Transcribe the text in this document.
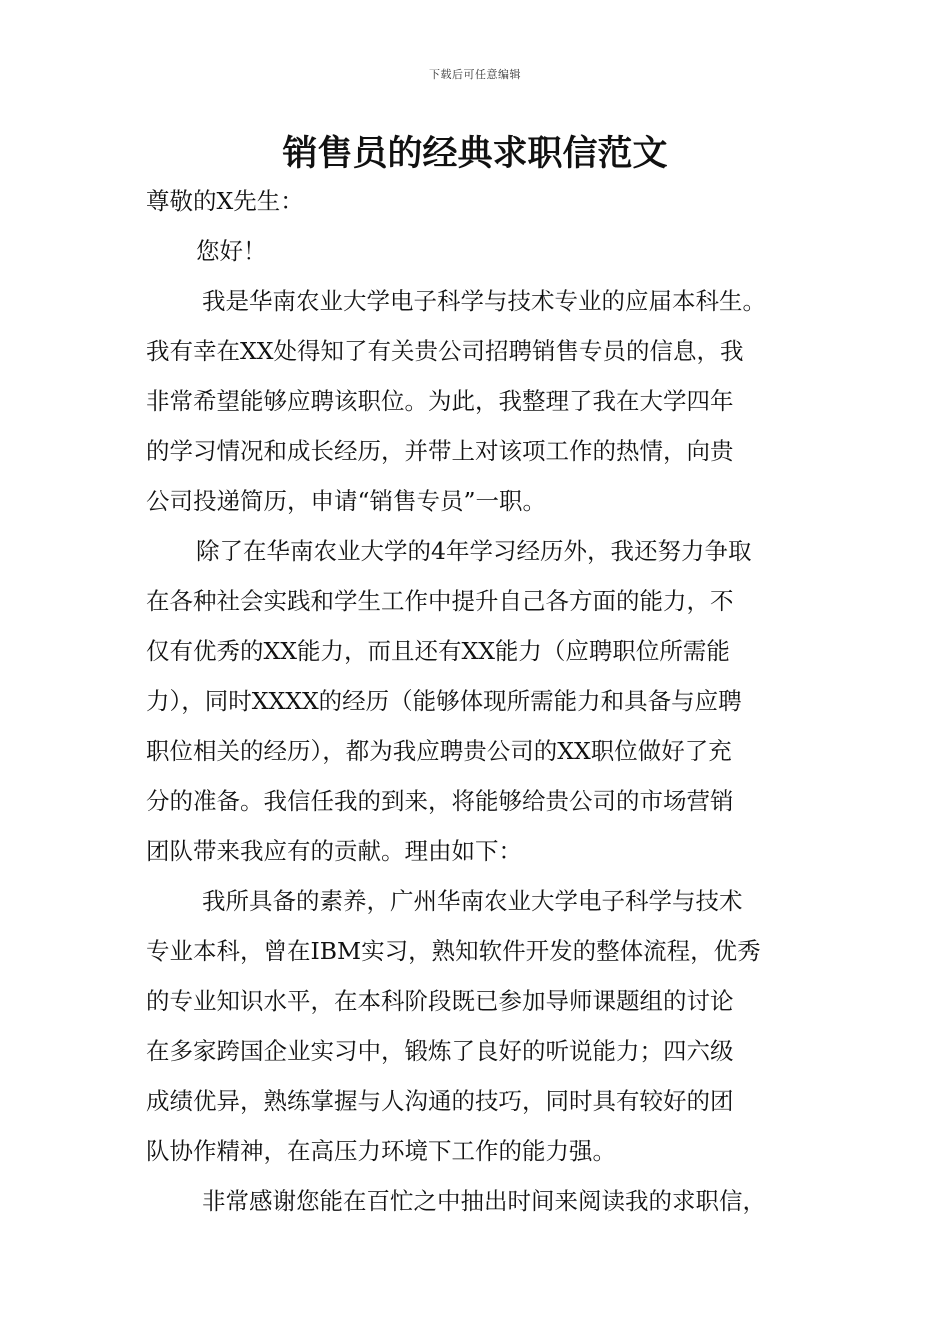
下载后可任意编辑
销售员的经典求职信范文
尊敬的X先生：
您好！
我是华南农业大学电子科学与技术专业的应届本科生。
我有幸在XX处得知了有关贵公司招聘销售专员的信息，我
非常希望能够应聘该职位。为此，我整理了我在大学四年
的学习情况和成长经历，并带上对该项工作的热情，向贵
公司投递简历，申请“销售专员”一职。
除了在华南农业大学的4年学习经历外，我还努力争取
在各种社会实践和学生工作中提升自己各方面的能力，不
仅有优秀的XX能力，而且还有XX能力（应聘职位所需能
力），同时XXXX的经历（能够体现所需能力和具备与应聘
职位相关的经历），都为我应聘贵公司的XX职位做好了充
分的准备。我信任我的到来，将能够给贵公司的市场营销
团队带来我应有的贡献。理由如下：
我所具备的素养，广州华南农业大学电子科学与技术
专业本科，曾在IBM实习，熟知软件开发的整体流程，优秀
的专业知识水平，在本科阶段既已参加导师课题组的讨论
在多家跨国企业实习中，锻炼了良好的听说能力；四六级
成绩优异，熟练掌握与人沟通的技巧，同时具有较好的团
队协作精神，在高压力环境下工作的能力强。
非常感谢您能在百忙之中抽出时间来阅读我的求职信，
